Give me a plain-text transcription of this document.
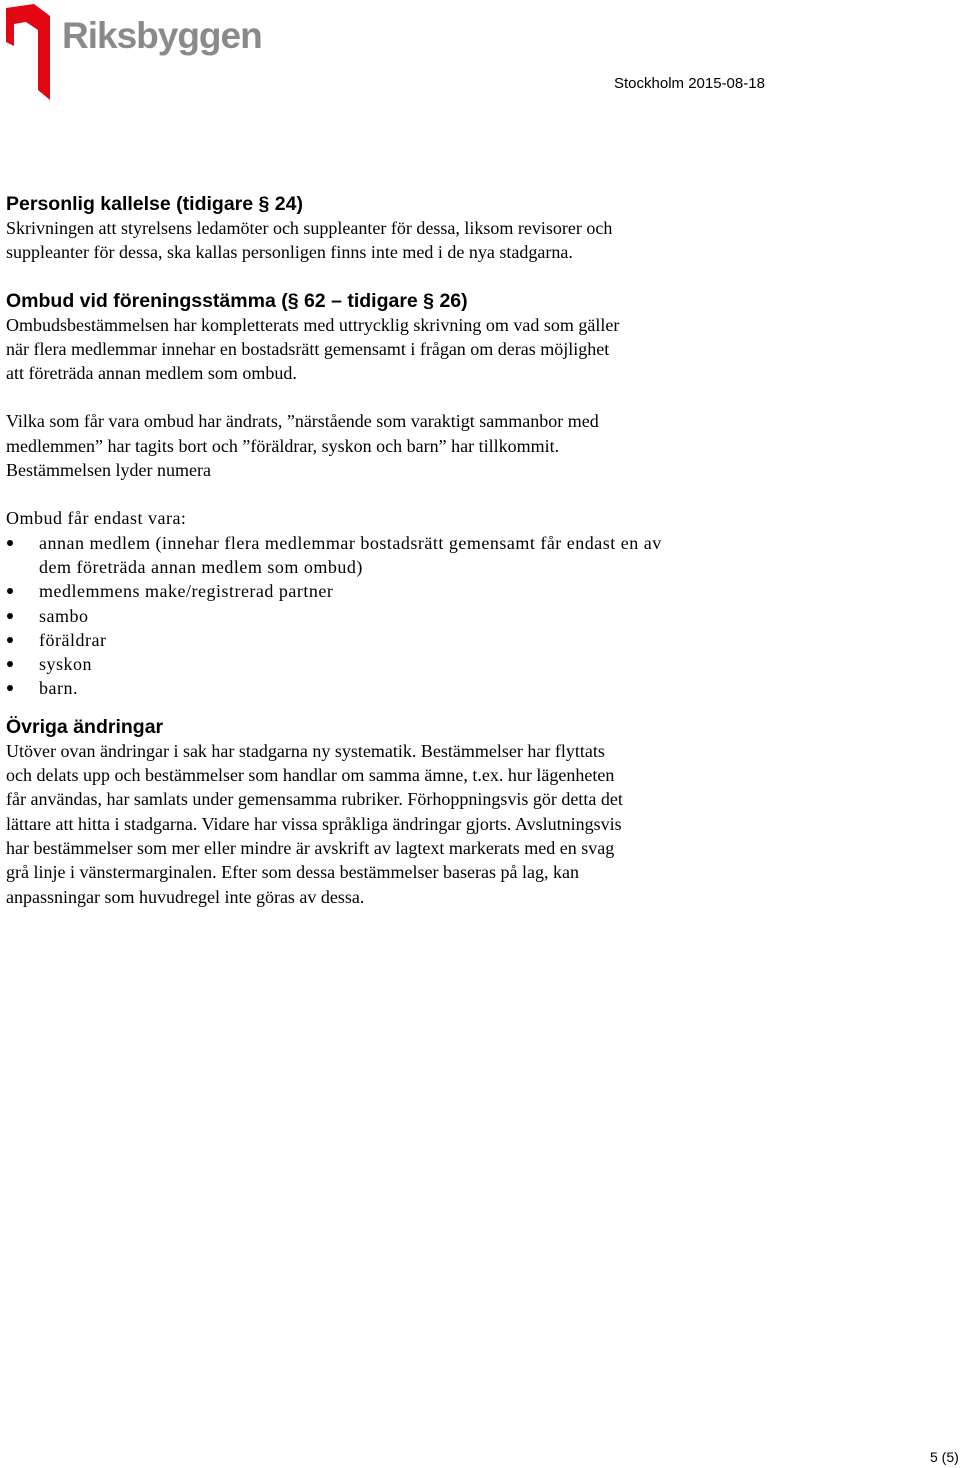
Riksbyggen
Stockholm 2015-08-18
Personlig kallelse (tidigare § 24)

Skrivningen att styrelsens ledamöter och suppleanter för dessa, liksom revisorer och

suppleanter för dessa, ska kallas personligen finns inte med i de nya stadgarna.

Ombud vid föreningsstämma (§ 62 – tidigare § 26)

Ombudsbestämmelsen har kompletterats med uttrycklig skrivning om vad som gäller

när flera medlemmar innehar en bostadsrätt gemensamt i frågan om deras möjlighet

att företräda annan medlem som ombud.

Vilka som får vara ombud har ändrats, ”närstående som varaktigt sammanbor med

medlemmen” har tagits bort och ”föräldrar, syskon och barn” har tillkommit.

Bestämmelsen lyder numera

Ombud får endast vara:

annan medlem (innehar flera medlemmar bostadsrätt gemensamt får endast en av
dem företräda annan medlem som ombud)
medlemmens make/registrerad partner
sambo
föräldrar
syskon
barn.
Övriga ändringar

Utöver ovan ändringar i sak har stadgarna ny systematik. Bestämmelser har flyttats

och delats upp och bestämmelser som handlar om samma ämne, t.ex. hur lägenheten

får användas, har samlats under gemensamma rubriker. Förhoppningsvis gör detta det

lättare att hitta i stadgarna. Vidare har vissa språkliga ändringar gjorts. Avslutningsvis

har bestämmelser som mer eller mindre är avskrift av lagtext markerats med en svag

grå linje i vänstermarginalen. Efter som dessa bestämmelser baseras på lag, kan

anpassningar som huvudregel inte göras av dessa.

5 (5)
